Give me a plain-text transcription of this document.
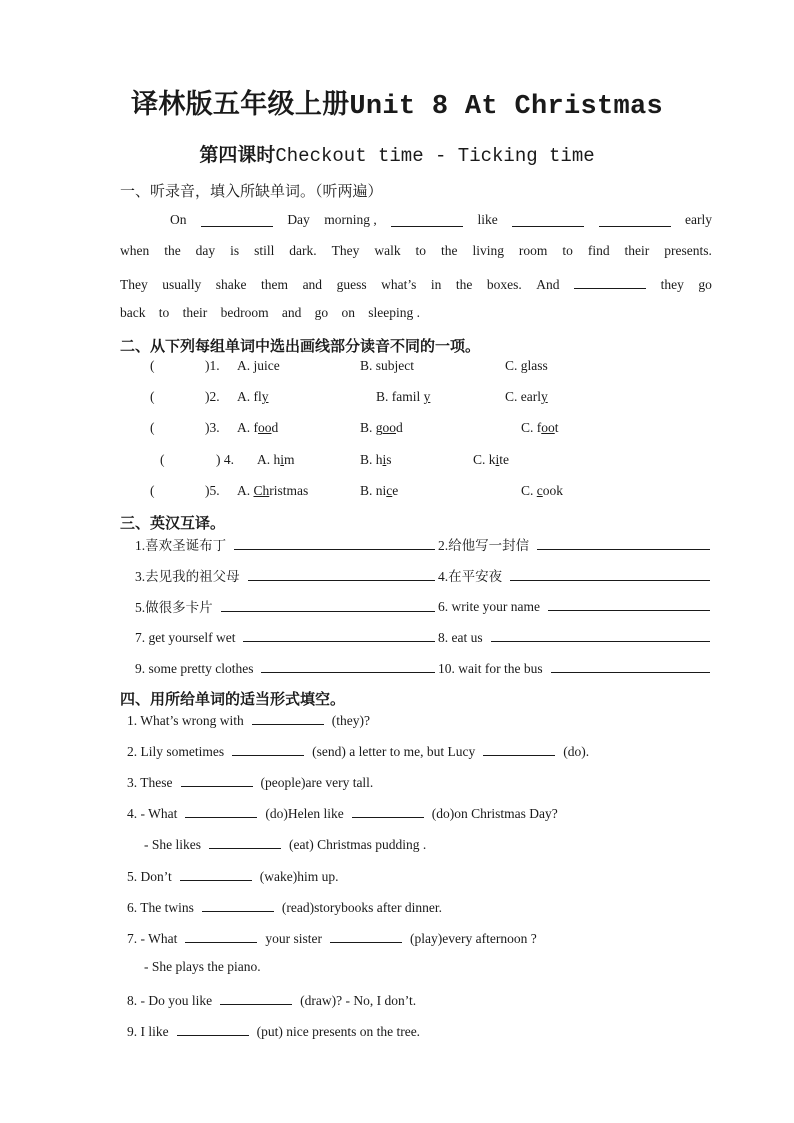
译林版五年级上册Unit 8 At Christmas
第四课时Checkout time - Ticking time
一、听录音，填入所缺单词。（听两遍）
On	Day morning ,	like	early
when the day is still dark. They walk to the living room to find their presents.
They usually shake them and guess what’s in the boxes. And	they go
back to their bedroom and go on sleeping .
二、从下列每组单词中选出画线部分读音不同的一项。
(	)1. A. juice	B. subject	C. glass
(	)2. A. fly	B. famil y	C. early
(	)3. A. food	B. good	C. foot
(	) 4. A. him	B. his	C. kite
(	)5. A. Christmas	B. nice	C. cook
三、英汉互译。
1.喜欢圣诞布丁	2.给他写一封信
3.去见我的祖父母	4.在平安夜
5.做很多卡片	6. write your name
7. get yourself wet	8. eat us
9. some pretty clothes	10. wait for the bus
四、用所给单词的适当形式填空。
1. What’s wrong with	(they)?
2. Lily sometimes	(send) a letter to me, but Lucy	(do).
3. These	(people)are very tall.
4. - What	(do)Helen like	(do)on Christmas Day?
- She likes	(eat) Christmas pudding .
5. Don’t	(wake)him up.
6. The twins	(read)storybooks after dinner.
7. - What	your sister	(play)every afternoon ?
- She plays the piano.
8. - Do you like	(draw)? - No, I don’t.
9. I like	(put) nice presents on the tree.
